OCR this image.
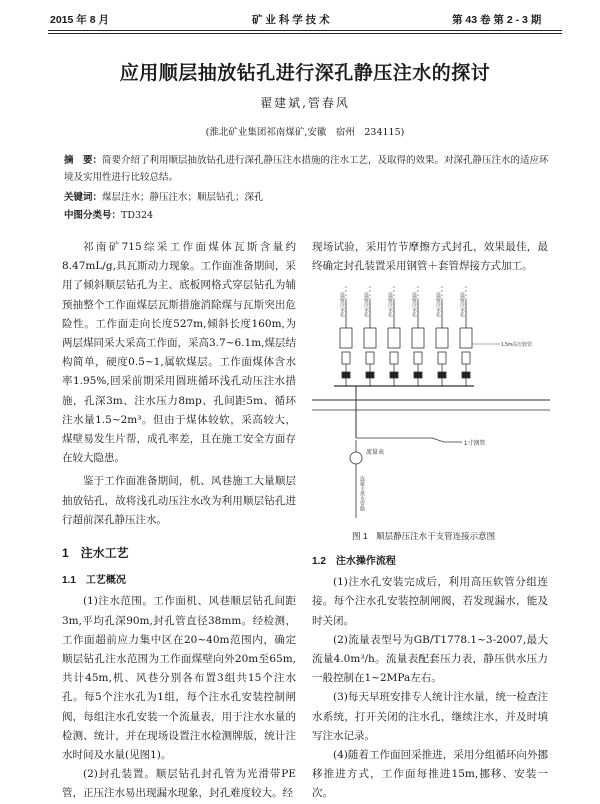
2015 年 8 月	矿 业 科 学 技 术	第 43 卷 第 2 - 3 期
应用顺层抽放钻孔进行深孔静压注水的探讨
翟建斌,管春风
(淮北矿业集团祁南煤矿,安徽　宿州　234115)
摘　要：简要介绍了利用顺层抽放钻孔进行深孔静压注水措施的注水工艺，及取得的效果。对深孔静压注水的适应环境及实用性进行比较总结。
关键词：煤层注水；静压注水；顺层钻孔；深孔
中图分类号：TD324

祁南矿715综采工作面煤体瓦斯含量约8.47mL/g,具瓦斯动力现象。工作面准备期间，采用了倾斜顺层钻孔为主、底板网格式穿层钻孔为辅预抽整个工作面煤层瓦斯措施消除煤与瓦斯突出危险性。工作面走向长度527m,倾斜长度160m,为两层煤同采大采高工作面，采高3.7~6.1m,煤层结构简单，硬度0.5~1,属软煤层。工作面煤体含水率1.95%,回采前期采用圆班循环浅孔动压注水措施，孔深3m、注水压力8mp、孔间距5m、循环注水量1.5~2m³。但由于煤体较软，采高较大，煤壁易发生片帮，成孔率差，且在施工安全方面存在较大隐患。

鉴于工作面准备期间，机、风巷施工大量顺层抽放钻孔，故将浅孔动压注水改为利用顺层钻孔进行超前深孔静压注水。

1　注水工艺
1.1　工艺概况

(1)注水范围。工作面机、风巷顺层钻孔间距3m,平均孔深90m,封孔管直径38mm。经检测，工作面超前应力集中区在20~40m范围内，确定顺层钻孔注水范围为工作面煤壁向外20m至65m,共计45m,机、风巷分别各布置3组共15个注水孔。每5个注水孔为1组，每个注水孔安装控制闸阀，每组注水孔安装一个流量表，用于注水水量的检测、统计，并在现场设置注水检测牌版，统计注水时间及水量(见图1)。

(2)封孔装置。顺层钻孔封孔管为光滑带PE管，正压注水易出现漏水现象，封孔难度较大。经

现场试验，采用竹节摩擦方式封孔，效果最佳，最终确定封孔装置采用钢管＋套管焊接方式加工。

连接注水孔	连接注水孔	连接注水孔	连接注水孔	连接注水孔	连接注水孔
1.5m高压软管
1寸钢管
流量表
连接主供水管路
图 1　顺层静压注水干支管连接示意图
1.2　注水操作流程

(1)注水孔安装完成后，利用高压软管分组连接。每个注水孔安装控制闸阀，若发现漏水，能及时关闭。

(2)流量表型号为GB/T1778.1~3-2007,最大流量4.0m³/h。流量表配套压力表，静压供水压力一般控制在1~2MPa左右。

(3)每天早班安排专人统计注水量，统一检查注水系统，打开关闭的注水孔，继续注水，并及时填写注水记录。

(4)随着工作面回采推进，采用分组循环向外挪移推进方式，工作面每推进15m,挪移、安装一次。
